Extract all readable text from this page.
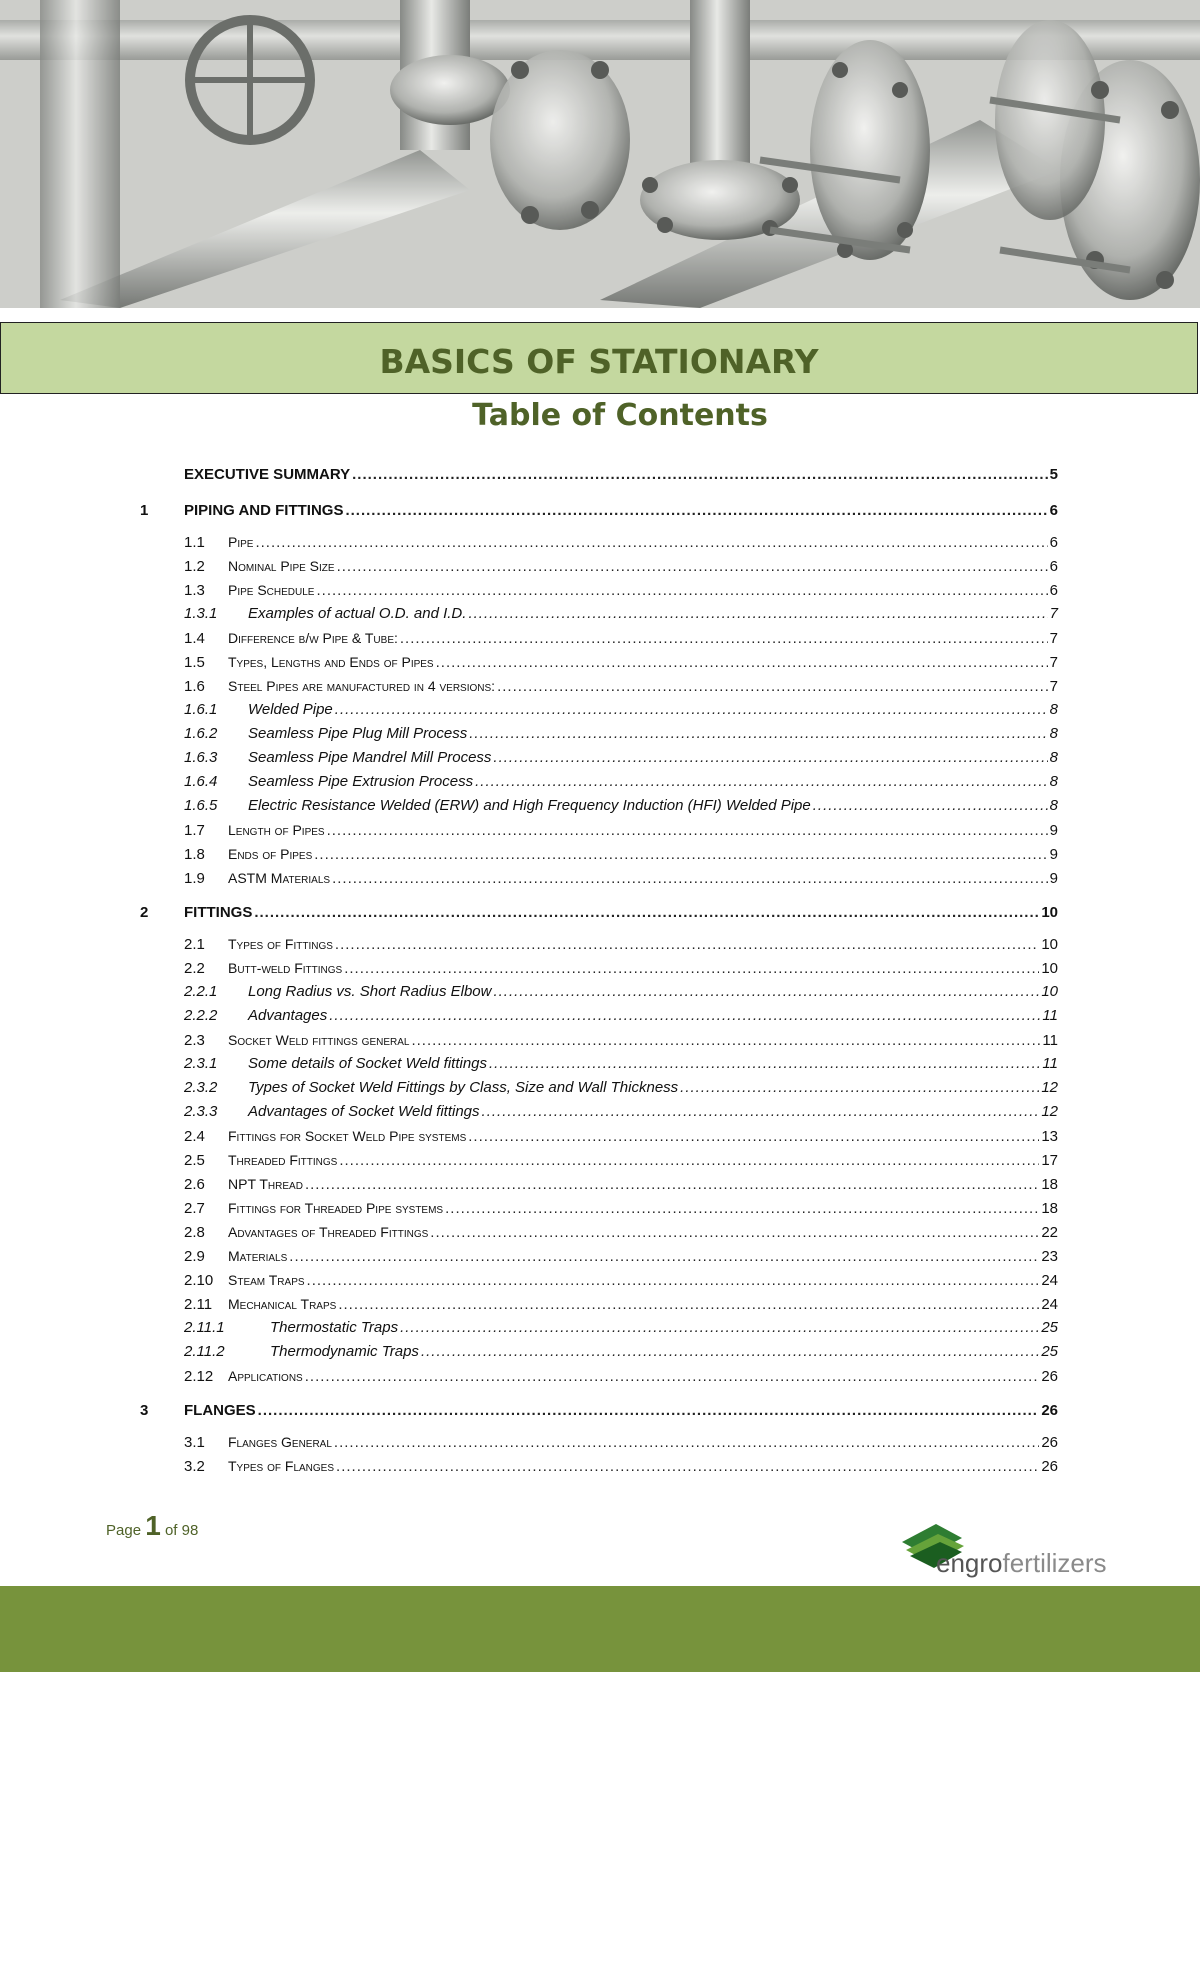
BASICS OF STATIONARY
Table of Contents
EXECUTIVE SUMMARY .....	5
1	PIPING AND FITTINGS .....	6
1.1	Pipe .....	6
1.2	Nominal Pipe Size .....	6
1.3	Pipe Schedule .....	6
1.3.1	Examples of actual O.D. and I.D. .....	7
1.4	Difference b/w Pipe & Tube: .....	7
1.5	Types, Lengths and Ends of Pipes .....	7
1.6	Steel Pipes are manufactured in 4 versions: .....	7
1.6.1	Welded Pipe .....	8
1.6.2	Seamless Pipe Plug Mill Process .....	8
1.6.3	Seamless Pipe Mandrel Mill Process .....	8
1.6.4	Seamless Pipe Extrusion Process .....	8
1.6.5	Electric Resistance Welded (ERW) and High Frequency Induction (HFI) Welded Pipe .....	8
1.7	Length of Pipes .....	9
1.8	Ends of Pipes .....	9
1.9	ASTM Materials .....	9
2	FITTINGS .....	10
2.1	Types of Fittings .....	10
2.2	Butt-weld Fittings .....	10
2.2.1	Long Radius vs. Short Radius Elbow .....	10
2.2.2	Advantages .....	11
2.3	Socket Weld fittings general .....	11
2.3.1	Some details of Socket Weld fittings .....	11
2.3.2	Types of Socket Weld Fittings by Class, Size and Wall Thickness .....	12
2.3.3	Advantages of Socket Weld fittings .....	12
2.4	Fittings for Socket Weld Pipe systems .....	13
2.5	Threaded Fittings .....	17
2.6	NPT Thread .....	18
2.7	Fittings for Threaded Pipe systems .....	18
2.8	Advantages of Threaded Fittings .....	22
2.9	Materials .....	23
2.10	Steam Traps .....	24
2.11	Mechanical Traps .....	24
2.11.1	Thermostatic Traps .....	25
2.11.2	Thermodynamic Traps .....	25
2.12	Applications .....	26
3	FLANGES .....	26
3.1	Flanges General .....	26
3.2	Types of Flanges .....	26
Page 1 of 98
engrofertilizers
